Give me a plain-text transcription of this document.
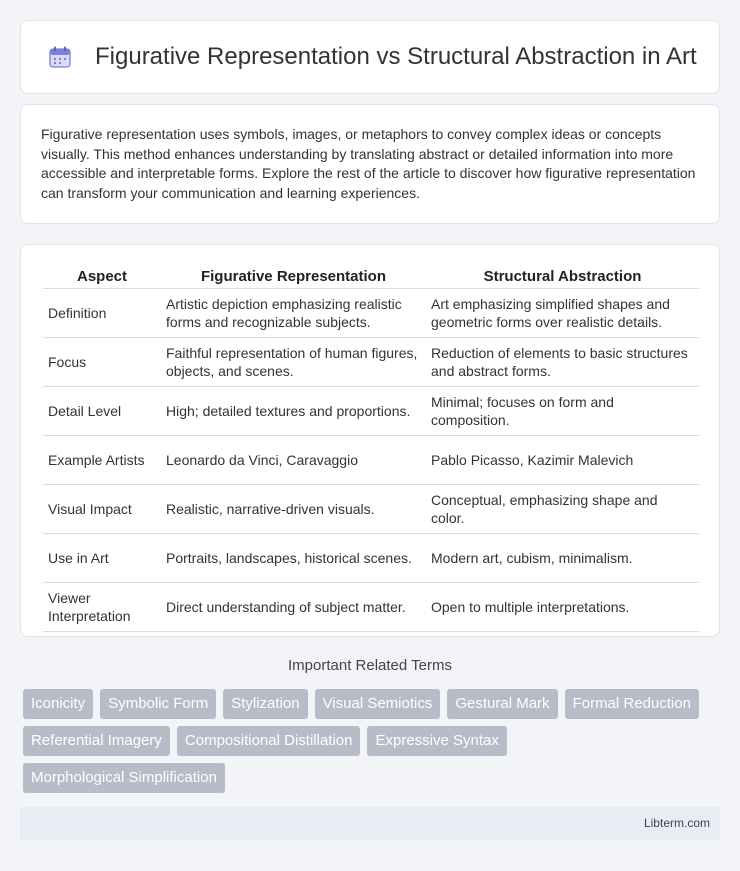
Figurative Representation vs Structural Abstraction in Art

Figurative representation uses symbols, images, or metaphors to convey complex ideas or concepts visually. This method enhances understanding by translating abstract or detailed information into more accessible and interpretable forms. Explore the rest of the article to discover how figurative representation can transform your communication and learning experiences.

Aspect	Figurative Representation	Structural Abstraction
Definition	Artistic depiction emphasizing realistic forms and recognizable subjects.	Art emphasizing simplified shapes and geometric forms over realistic details.
Focus	Faithful representation of human figures, objects, and scenes.	Reduction of elements to basic structures and abstract forms.
Detail Level	High; detailed textures and proportions.	Minimal; focuses on form and composition.
Example Artists	Leonardo da Vinci, Caravaggio	Pablo Picasso, Kazimir Malevich
Visual Impact	Realistic, narrative-driven visuals.	Conceptual, emphasizing shape and color.
Use in Art	Portraits, landscapes, historical scenes.	Modern art, cubism, minimalism.
Viewer Interpretation	Direct understanding of subject matter.	Open to multiple interpretations.
Important Related Terms
Iconicity	Symbolic Form	Stylization	Visual Semiotics	Gestural Mark	Formal Reduction
Referential Imagery	Compositional Distillation	Expressive Syntax
Morphological Simplification
Libterm.com
